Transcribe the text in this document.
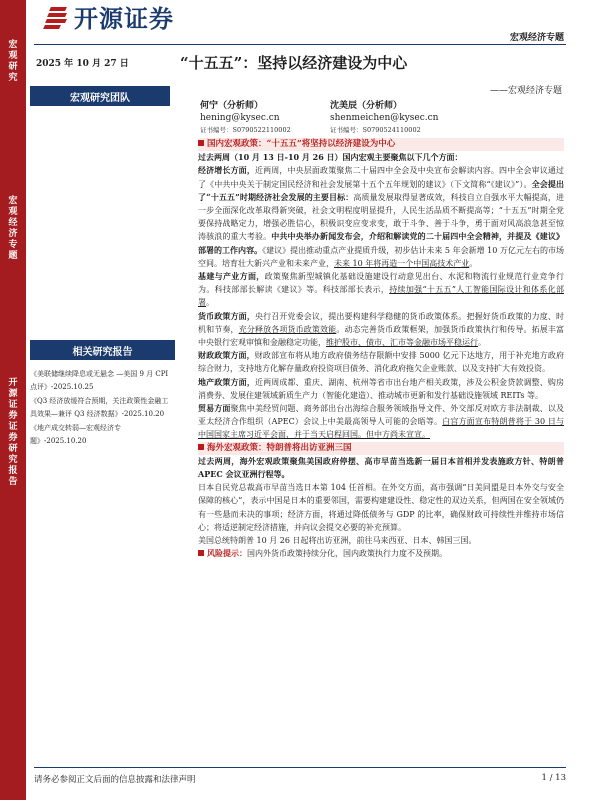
开源证券
宏观经济专题
宏观研究
宏观经济专题
开源证券 证券研究报告
2025 年 10 月 27 日	“十五五”：坚持以经济建设为中心
——宏观经济专题
宏观研究团队
何宁（分析师）
hening@kysec.cn
证书编号：S0790522110002
沈美辰（分析师）
shenmeichen@kysec.cn
证书编号：S0790524110002
相关研究报告
《美联储继续降息或无悬念 —美国 9 月 CPI 点评》-2025.10.25
《Q3 经济放缓符合预期，关注政策性金融工具效果—兼评 Q3 经济数据》-2025.10.20
《地产成交转弱—宏观经济专题》-2025.10.20

国内宏观政策：“十五五”将坚持以经济建设为中心

过去两周（10 月 13 日-10 月 26 日）国内宏观主要聚焦以下几个方面：

经济增长方面，近两周，中央层面政策聚焦二十届四中全会及中央宣布会解读内容。四中全会审议通过了《中共中央关于制定国民经济和社会发展第十五个五年规划的建议》（下文简称“《建议》”）。全会提出了“十五五”时期经济社会发展的主要目标：高质量发展取得显著成效，科技自立自强水平大幅提高，进一步全面深化改革取得新突破，社会文明程度明显提升，人民生活品质不断提高等；“十五五”时期全党要保持战略定力，增强必胜信心，积极识变应变求变，敢于斗争、善于斗争，勇于面对风高浪急甚至惊涛骇浪的重大考验。中共中央举办新闻发布会，介绍和解读党的二十届四中全会精神，并提及《建议》部署的工作内容。《建议》提出推动重点产业提质升级，初步估计未来 5 年会新增 10 万亿元左右的市场空间。培育壮大新兴产业和未来产业，未来 10 年将再造一个中国高技术产业。

基建与产业方面，政策聚焦新型城镇化基础设施建设行动意见出台、水泥和物流行业规范行业竞争行为。科技部部长解读《建议》等。科技部部长表示，持续加强“十五五”人工智能国际设计和体系化部署。

货币政策方面，央行召开党委会议，提出要构建科学稳健的货币政策体系。把握好货币政策的力度、时机和节奏，充分释放各项货币政策效能。动态完善货币政策框架，加强货币政策执行和传导。拓展丰富中央银行宏观审慎和金融稳定功能，维护股市、债市、汇市等金融市场平稳运行。

财政政策方面，财政部宣布将从地方政府债务结存限额中安排 5000 亿元下达地方，用于补充地方政府综合财力，支持地方化解存量政府投资项目债务、消化政府拖欠企业账款、以及支持扩大有效投资。

地产政策方面，近两周成都、重庆、湖南、杭州等省市出台地产相关政策，涉及公积金贷款调整、购房消费券、发展住建领域新质生产力（智能化建造）、推动城市更新和发行基础设施领域 REITs 等。

贸易方面聚焦中美经贸问题、商务部出台出海综合服务领域指导文件、外交部反对欧方非法制裁、以及亚太经济合作组织（APEC）会议上中美最高领导人可能的会晤等。白宫方面宣布特朗普将于 30 日与中国国家主席习近平会面，并于当天启程回国。但中方尚未宣宣。

海外宏观政策：特朗普将出访亚洲三国

过去两周，海外宏观政策聚焦美国政府停摆、高市早苗当选新一届日本首相并发表施政方针、特朗普 APEC 会议亚洲行程等。

日本自民党总裁高市早苗当选日本第 104 任首相。在外交方面，高市强调“日美同盟是日本外交与安全保障的核心”，表示中国是日本的重要邻国，需要构建建设性、稳定性的双边关系，但两国在安全领域仍有一些悬而未决的事项；经济方面，将通过降低债务与 GDP 的比率，确保财政可持续性并维持市场信心；将适逆制定经济措施，并向议会提交必要的补充预算。

美国总统特朗普 10 月 26 日起将出访亚洲，前往马来西亚、日本、韩国三国。

风险提示：国内外货币政策持续分化，国内政策执行力度不及预期。

请务必参阅正文后面的信息披露和法律声明	1 / 13
